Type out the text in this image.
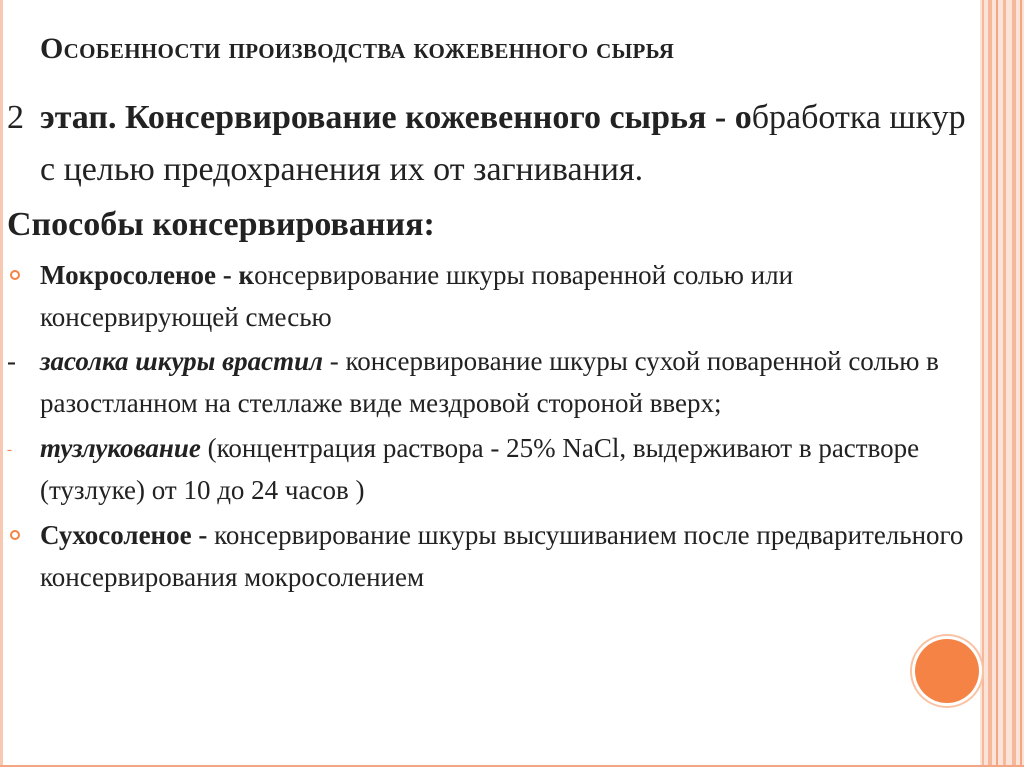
Особенности производства кожевенного сырья
2 этап. Консервирование кожевенного сырья - обработка шкур с целью предохранения их от загнивания.
Способы консервирования:
Мокросоленое - консервирование шкуры поваренной солью или консервирующей смесью
-засолка шкуры врастил - консервирование шкуры сухой поваренной солью в разостланном на стеллаже виде мездровой стороной вверх;
- тузлукование (концентрация раствора - 25% NaCl, выдерживают в растворе (тузлуке) от 10 до 24 часов )
Сухосоленое - консервирование шкуры высушиванием после предварительного консервирования мокросолением
